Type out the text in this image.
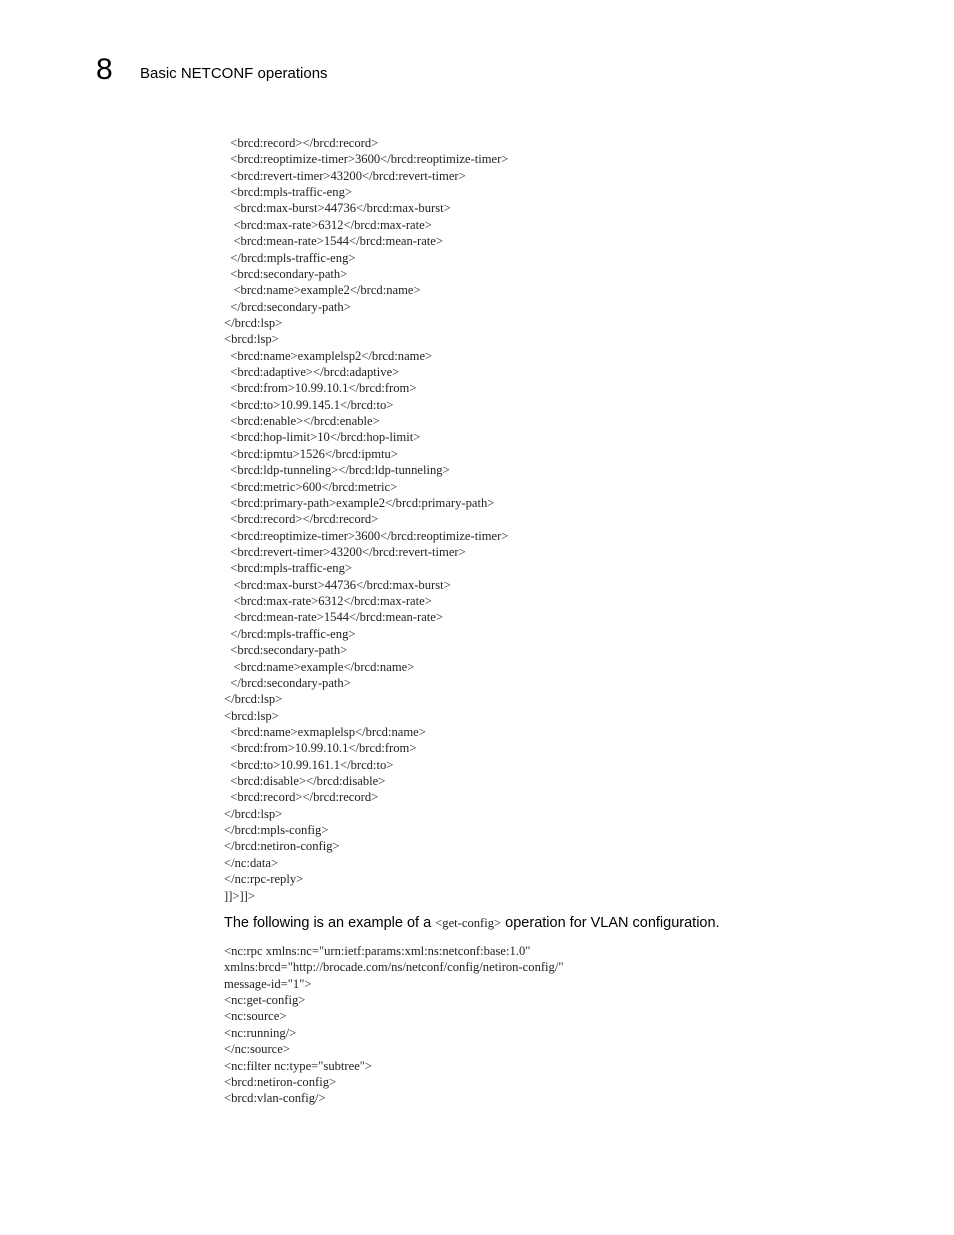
8 Basic NETCONF operations
<brcd:record></brcd:record>
<brcd:reoptimize-timer>3600</brcd:reoptimize-timer>
<brcd:revert-timer>43200</brcd:revert-timer>
<brcd:mpls-traffic-eng>
<brcd:max-burst>44736</brcd:max-burst>
<brcd:max-rate>6312</brcd:max-rate>
<brcd:mean-rate>1544</brcd:mean-rate>
</brcd:mpls-traffic-eng>
<brcd:secondary-path>
<brcd:name>example2</brcd:name>
</brcd:secondary-path>
</brcd:lsp>
<brcd:lsp>
<brcd:name>examplelsp2</brcd:name>
<brcd:adaptive></brcd:adaptive>
<brcd:from>10.99.10.1</brcd:from>
<brcd:to>10.99.145.1</brcd:to>
<brcd:enable></brcd:enable>
<brcd:hop-limit>10</brcd:hop-limit>
<brcd:ipmtu>1526</brcd:ipmtu>
<brcd:ldp-tunneling></brcd:ldp-tunneling>
<brcd:metric>600</brcd:metric>
<brcd:primary-path>example2</brcd:primary-path>
<brcd:record></brcd:record>
<brcd:reoptimize-timer>3600</brcd:reoptimize-timer>
<brcd:revert-timer>43200</brcd:revert-timer>
<brcd:mpls-traffic-eng>
<brcd:max-burst>44736</brcd:max-burst>
<brcd:max-rate>6312</brcd:max-rate>
<brcd:mean-rate>1544</brcd:mean-rate>
</brcd:mpls-traffic-eng>
<brcd:secondary-path>
<brcd:name>example</brcd:name>
</brcd:secondary-path>
</brcd:lsp>
<brcd:lsp>
<brcd:name>exmaplelsp</brcd:name>
<brcd:from>10.99.10.1</brcd:from>
<brcd:to>10.99.161.1</brcd:to>
<brcd:disable></brcd:disable>
<brcd:record></brcd:record>
</brcd:lsp>
</brcd:mpls-config>
</brcd:netiron-config>
</nc:data>
</nc:rpc-reply>
]]>]]>
The following is an example of a <get-config> operation for VLAN configuration.
<nc:rpc xmlns:nc="urn:ietf:params:xml:ns:netconf:base:1.0"
xmlns:brcd="http://brocade.com/ns/netconf/config/netiron-config/"
message-id="1">
<nc:get-config>
<nc:source>
<nc:running/>
</nc:source>
<nc:filter nc:type="subtree">
<brcd:netiron-config>
<brcd:vlan-config/>
